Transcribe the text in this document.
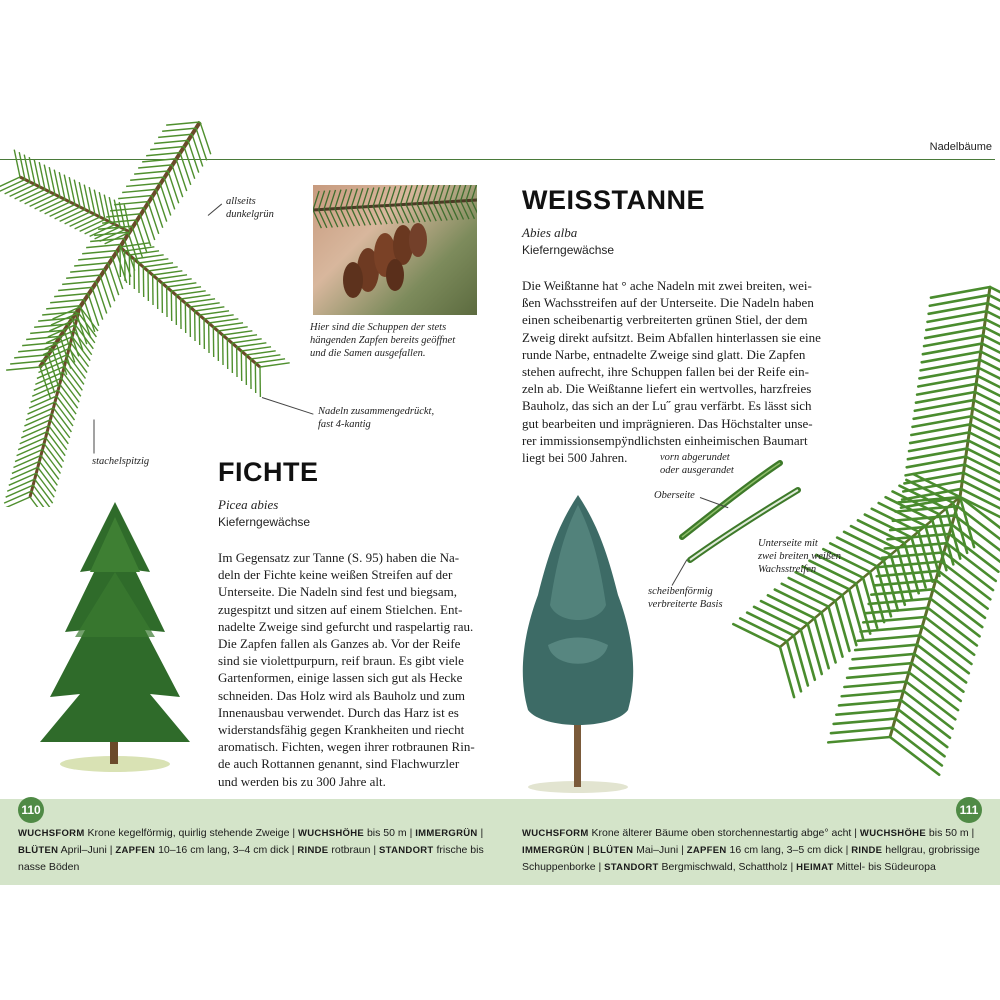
Nadelbäume
Hier sind die Schuppen der stets
hängenden Zapfen bereits geöffnet
und die Samen ausgefallen.
allseits
dunkelgrün
Nadeln zusammengedrückt,
fast 4-kantig
stachelspitzig	FICHTE
Picea abies
Kieferngewächse
Im Gegensatz zur Tanne (S. 95) haben die Na-
deln der Fichte keine weißen Streifen auf der
Unterseite. Die Nadeln sind fest und biegsam,
zugespitzt und sitzen auf einem Stielchen. Ent-
nadelte Zweige sind gefurcht und raspelartig rau.
Die Zapfen fallen als Ganzes ab. Vor der Reife
sind sie violettpurpurn, reif braun. Es gibt viele
Gartenformen, einige lassen sich gut als Hecke
schneiden. Das Holz wird als Bauholz und zum
Innenausbau verwendet. Durch das Harz ist es
widerstandsfähig gegen Krankheiten und riecht
aromatisch. Fichten, wegen ihrer rotbraunen Rin-
de auch Rottannen genannt, sind Flachwurzler
und werden bis zu 300 Jahre alt.
WEISSTANNE
Abies alba
Kieferngewächse
Die Weißtanne hat ° ache Nadeln mit zwei breiten, wei-
ßen Wachsstreifen auf der Unterseite. Die Nadeln haben
einen scheibenartig verbreiterten grünen Stiel, der dem
Zweig direkt aufsitzt. Beim Abfallen hinterlassen sie eine
runde Narbe, entnadelte Zweige sind glatt. Die Zapfen
stehen aufrecht, ihre Schuppen fallen bei der Reife ein-
zeln ab. Die Weißtanne liefert ein wertvolles, harzfreies
Bauholz, das sich an der Lu˝ grau verfärbt. Es lässt sich
gut bearbeiten und imprägnieren. Das Höchstalter unse-
rer immissionsempÿndlichsten einheimischen Baumart
liegt bei 500 Jahren.	vorn abgerundet
oder ausgerandet
Oberseite
Unterseite mit
zwei breiten weißen
Wachsstreifen
scheibenförmig
verbreiterte Basis
110	111
WUCHSFORM Krone kegelförmig, quirlig stehende Zweige | WUCHSHÖHE bis 50 m | IMMERGRÜN |
BLÜTEN April–Juni | ZAPFEN 10–16 cm lang, 3–4 cm dick | RINDE rotbraun | STANDORT frische bis
nasse Böden
WUCHSFORM Krone älterer Bäume oben storchennestartig abge° acht | WUCHSHÖHE bis 50 m |
IMMERGRÜN | BLÜTEN Mai–Juni | ZAPFEN 16 cm lang, 3–5 cm dick | RINDE hellgrau, grobrissige
Schuppenborke | STANDORT Bergmischwald, Schattholz | HEIMAT Mittel- bis Südeuropa
